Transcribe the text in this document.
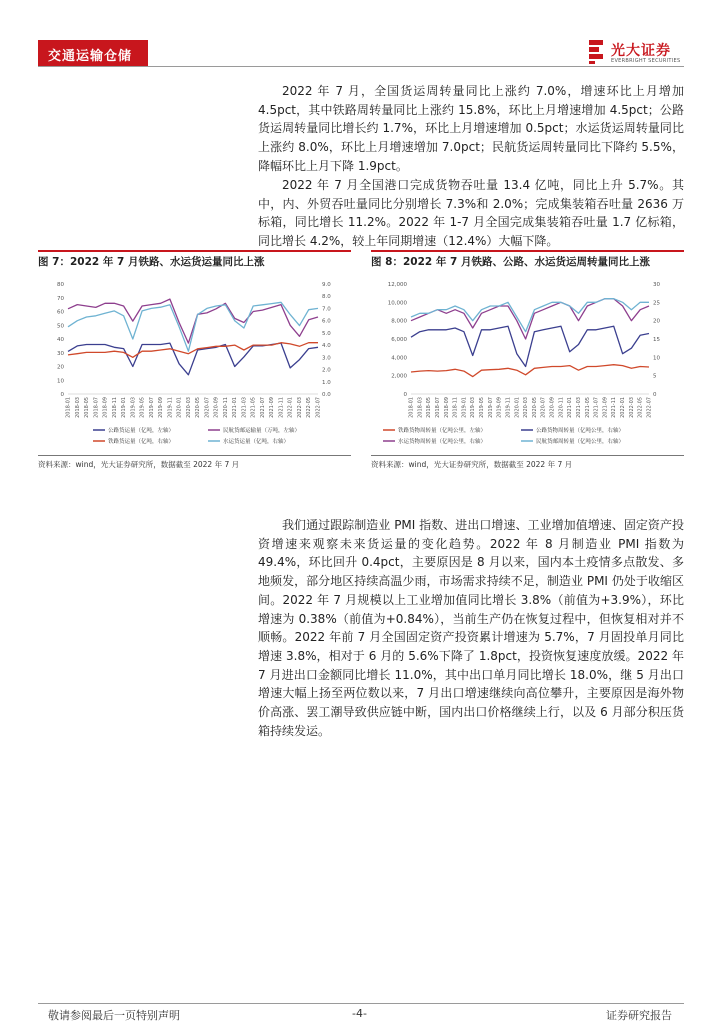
交通运输仓储	光大证券
EVERBRIGHT SECURITIES

2022 年 7 月，全国货运周转量同比上涨约 7.0%，增速环比上月增加 4.5pct，其中铁路周转量同比上涨约 15.8%，环比上月增速增加 4.5pct；公路货运周转量同比增长约 1.7%，环比上月增速增加 0.5pct；水运货运周转量同比上涨约 8.0%，环比上月增速增加 7.0pct；民航货运周转量同比下降约 5.5%，降幅环比上月下降 1.9pct。

2022 年 7 月全国港口完成货物吞吐量 13.4 亿吨，同比上升 5.7%。其中，内、外贸吞吐量同比分别增长 7.3%和 2.0%；完成集装箱吞吐量 2636 万标箱，同比增长 11.2%。2022 年 1-7 月全国完成集装箱吞吐量 1.7 亿标箱，同比增长 4.2%，较上年同期增速（12.4%）大幅下降。

图 7：2022 年 7 月铁路、水运货运量同比上涨
0
10
20
30
40
50
60
70
80
0.0
1.0
2.0
3.0
4.0
5.0
6.0
7.0
8.0
9.0
2018-01 2018-03 2018-05 2018-07 2018-09 2018-11 2019-01 2019-03 2019-05 2019-07 2019-09 2019-11 2020-01 2020-03 2020-05 2020-07 2020-09 2020-11 2021-01 2021-03 2021-05 2021-07 2021-09 2021-11 2022-01 2022-03 2022-05 2022-07
公路货运量（亿吨，左轴）	民航货邮运输量（万吨，左轴）
铁路货运量（亿吨，右轴）	水运货运量（亿吨，右轴）
资料来源：wind，光大证券研究所，数据截至 2022 年 7 月
图 8：2022 年 7 月铁路、公路、水运货运周转量同比上涨
0
2,000
4,000
6,000
8,000
10,000
12,000
0
5
10
15
20
25
30
2018-01 2018-03 2018-05 2018-07 2018-09 2018-11 2019-01 2019-03 2019-05 2019-07 2019-09 2019-11 2020-01 2020-03 2020-05 2020-07 2020-09 2020-11 2021-01 2021-03 2021-05 2021-07 2021-09 2021-11 2022-01 2022-03 2022-05 2022-07
铁路货物周转量（亿吨公里，左轴）	公路货物周转量（亿吨公里，右轴）
水运货物周转量（亿吨公里，右轴）	民航货邮周转量（亿吨公里，右轴）
资料来源：wind，光大证券研究所，数据截至 2022 年 7 月

我们通过跟踪制造业 PMI 指数、进出口增速、工业增加值增速、固定资产投资增速来观察未来货运量的变化趋势。2022 年 8 月制造业 PMI 指数为 49.4%，环比回升 0.4pct，主要原因是 8 月以来，国内本土疫情多点散发、多地频发，部分地区持续高温少雨，市场需求持续不足，制造业 PMI 仍处于收缩区间。2022 年 7 月规模以上工业增加值同比增长 3.8%（前值为+3.9%），环比增速为 0.38%（前值为+0.84%），当前生产仍在恢复过程中，但恢复相对并不顺畅。2022 年前 7 月全国固定资产投资累计增速为 5.7%，7 月固投单月同比增速 3.8%，相对于 6 月的 5.6%下降了 1.8pct，投资恢复速度放缓。2022 年 7 月进出口金额同比增长 11.0%，其中出口单月同比增长 18.0%，继 5 月出口增速大幅上扬至两位数以来，7 月出口增速继续向高位攀升，主要原因是海外物价高涨、罢工潮导致供应链中断，国内出口价格继续上行，以及 6 月部分积压货箱持续发运。

敬请参阅最后一页特别声明	-4-	证券研究报告
